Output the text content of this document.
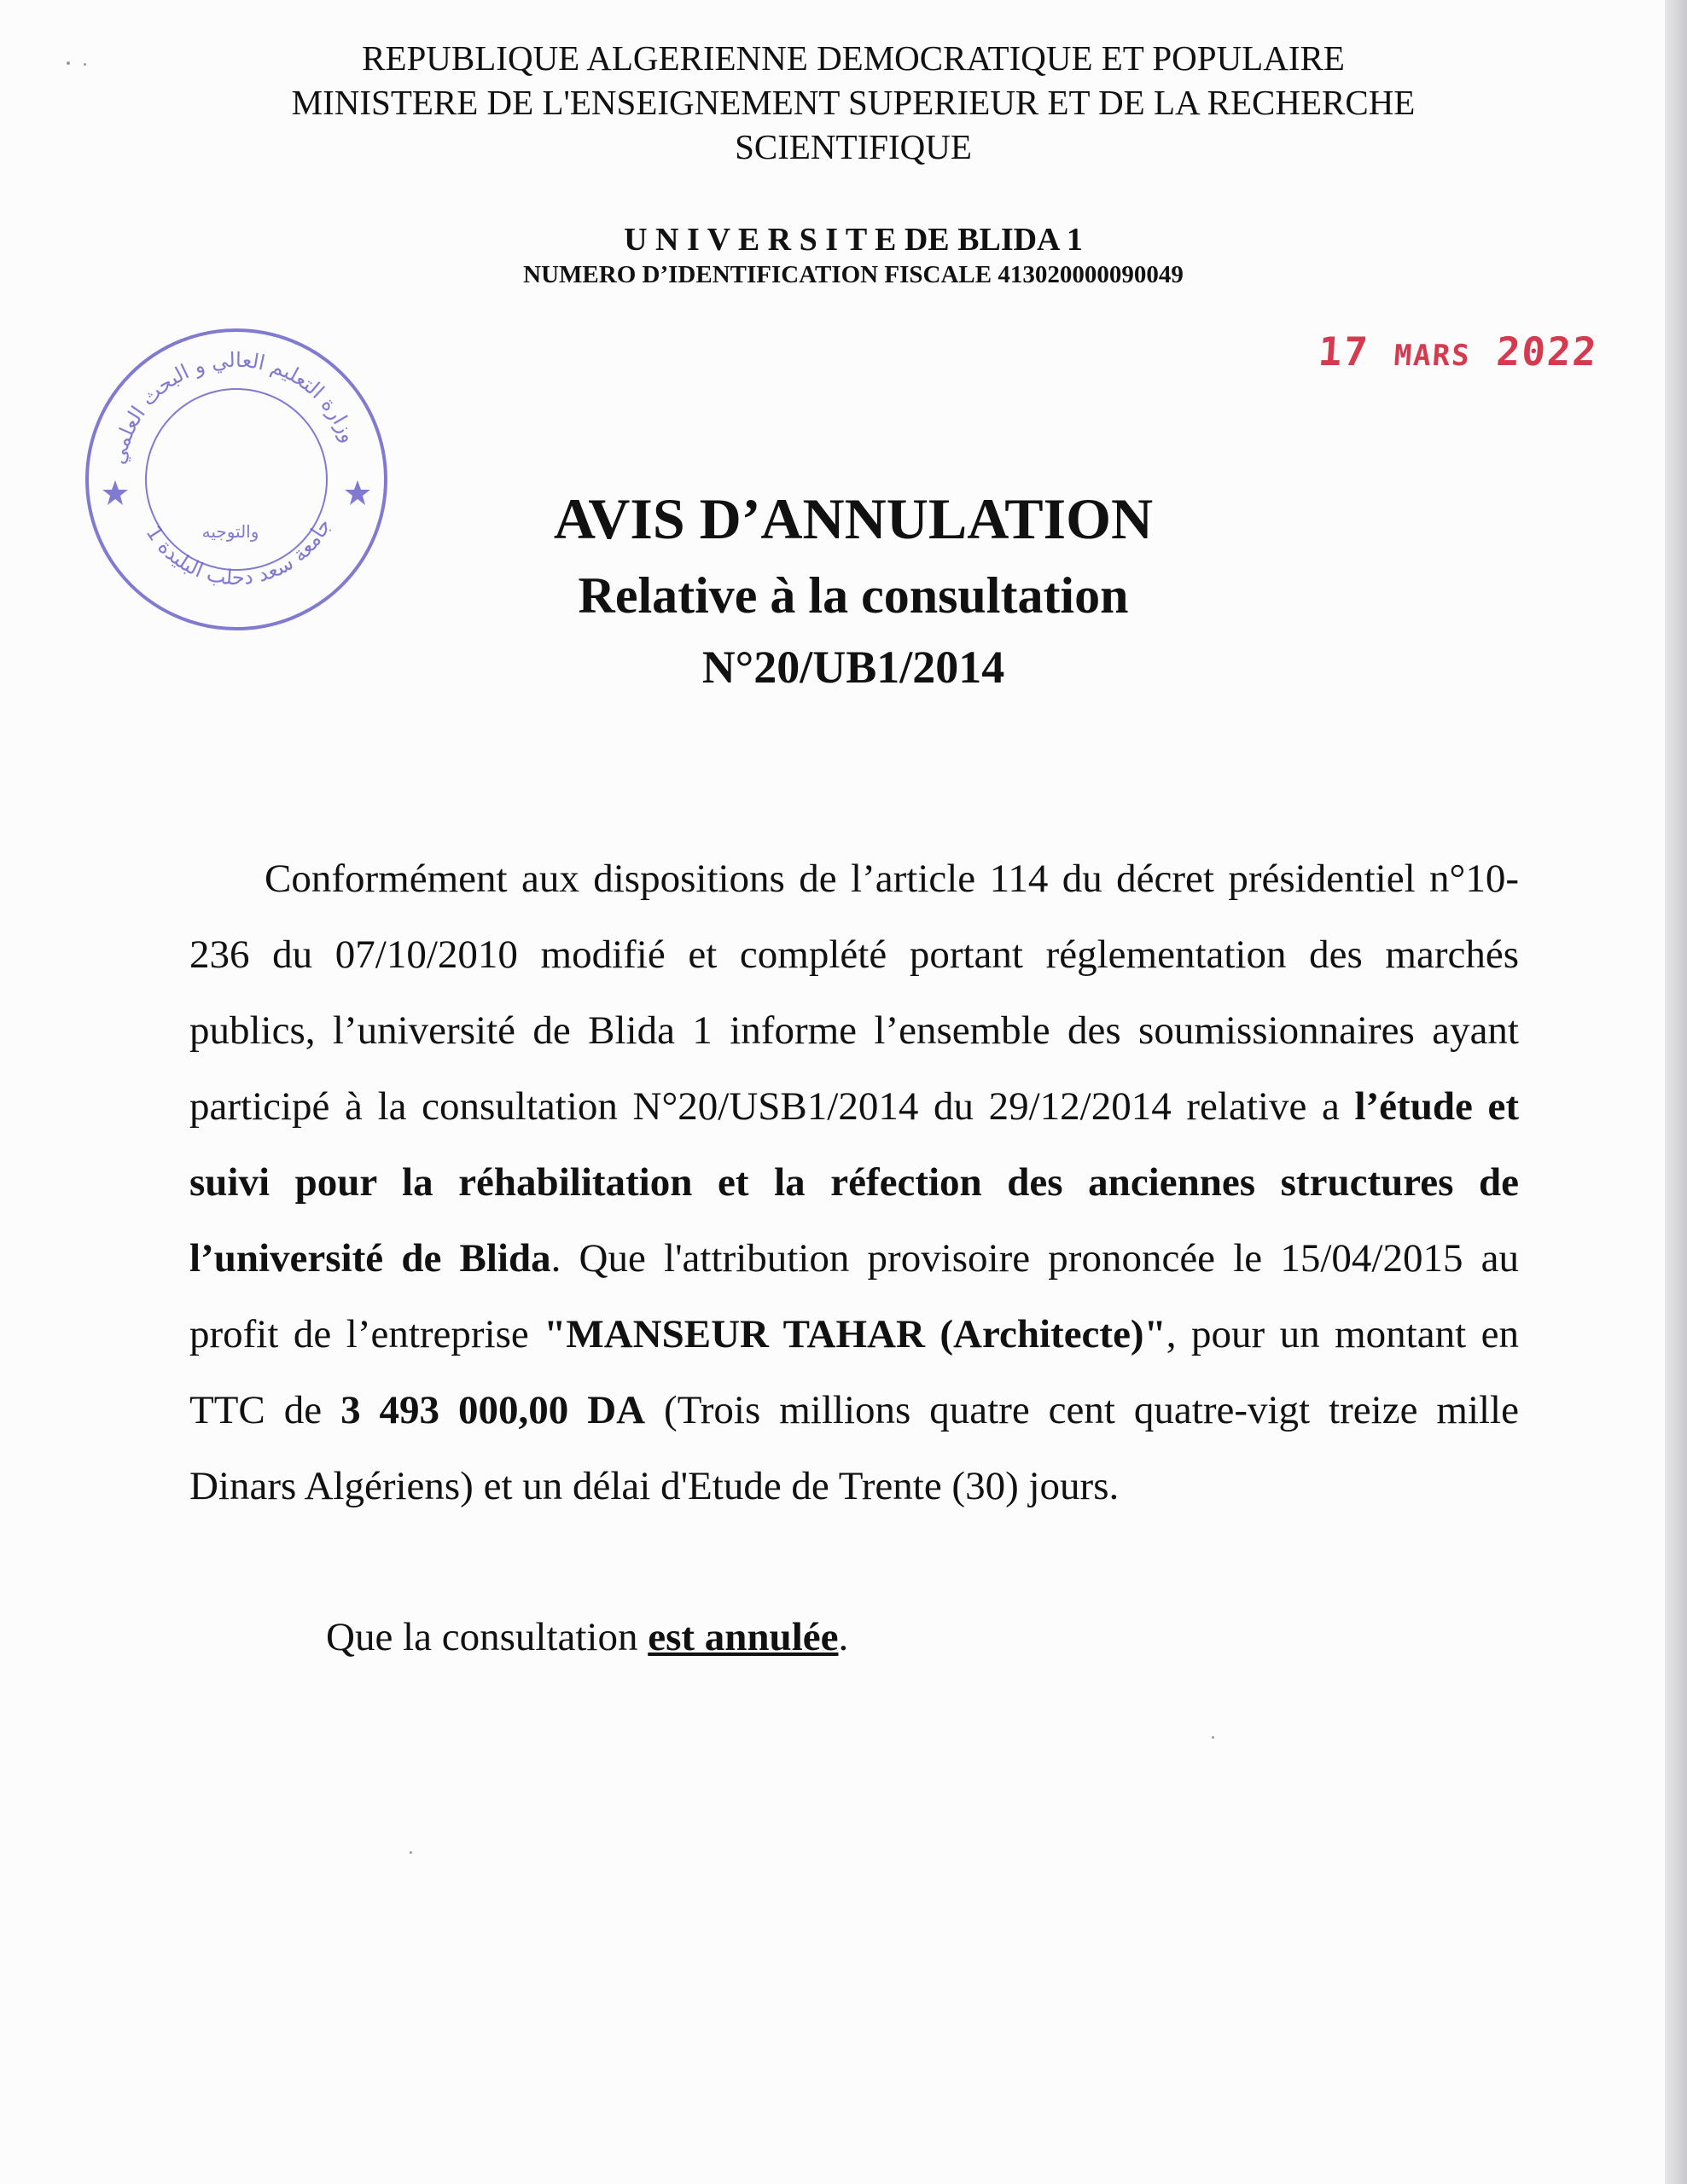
REPUBLIQUE ALGERIENNE DEMOCRATIQUE ET POPULAIRE
MINISTERE DE L'ENSEIGNEMENT SUPERIEUR ET DE LA RECHERCHE
SCIENTIFIQUE
U N I V E R S I T E DE BLIDA 1
NUMERO D’IDENTIFICATION FISCALE 413020000090049
وزارة التعليم العالي و البحث العلمي
جامعة سعد دحلب البليدة 1
والتوجيه
17 MARS 2022
AVIS D’ANNULATION
Relative à la consultation
N°20/UB1/2014
Conformément aux dispositions de l’article 114 du décret présidentiel n°10-236 du 07/10/2010 modifié et complété portant réglementation des marchés publics, l’université de Blida 1 informe l’ensemble des soumissionnaires ayant participé à la consultation N°20/USB1/2014 du 29/12/2014 relative a l’étude et suivi pour la réhabilitation et la réfection des anciennes structures de l’université de Blida. Que l'attribution provisoire prononcée le 15/04/2015 au profit de l’entreprise "MANSEUR TAHAR (Architecte)", pour un montant en TTC de 3 493 000,00 DA (Trois millions quatre cent quatre-vigt treize mille Dinars Algériens) et un délai d'Etude de Trente (30) jours.
Que la consultation est annulée.
